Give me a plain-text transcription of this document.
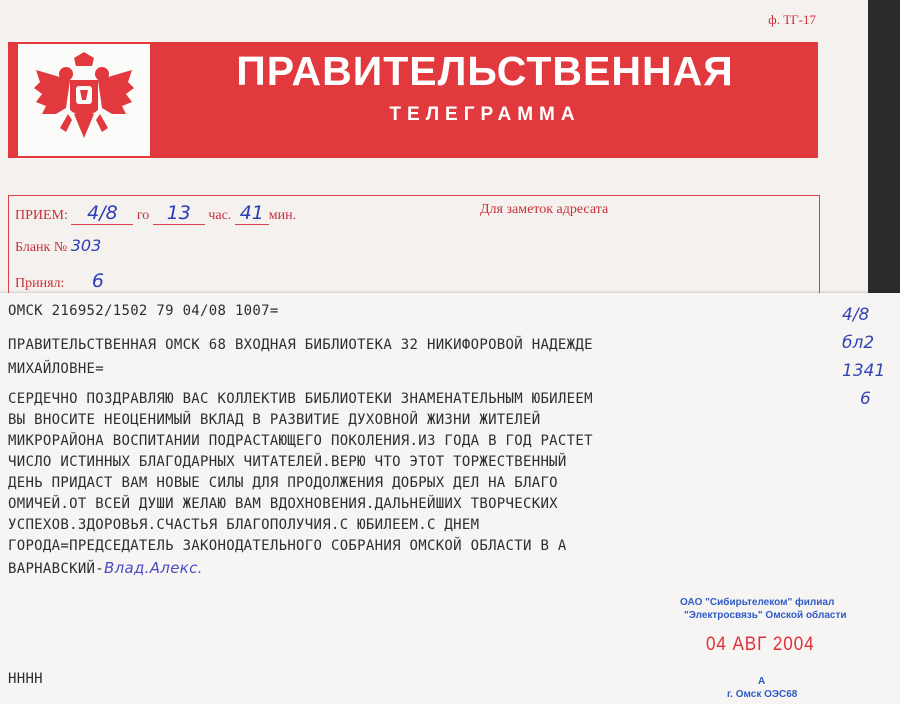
ф. ТГ-17
ПРАВИТЕЛЬСТВЕННАЯ
ТЕЛЕГРАММА
ПРИЕМ: 4/8 го 13 час. 41 мин.
Бланк № 303
Принял: 6
Для заметок адресата
ОМСК 216952/1502 79 04/08 1007=
ПРАВИТЕЛЬСТВЕННАЯ ОМСК 68 ВХОДНАЯ БИБЛИОТЕКА 32 НИКИФОРОВОЙ НАДЕЖДЕ
МИХАЙЛОВНЕ=
СЕРДЕЧНО ПОЗДРАВЛЯЮ ВАС КОЛЛЕКТИВ БИБЛИОТЕКИ ЗНАМЕНАТЕЛЬНЫМ ЮБИЛЕЕМ
ВЫ ВНОСИТЕ НЕОЦЕНИМЫЙ ВКЛАД В РАЗВИТИЕ ДУХОВНОЙ ЖИЗНИ ЖИТЕЛЕЙ
МИКРОРАЙОНА ВОСПИТАНИИ ПОДРАСТАЮЩЕГО ПОКОЛЕНИЯ.ИЗ ГОДА В ГОД РАСТЕТ
ЧИСЛО ИСТИННЫХ БЛАГОДАРНЫХ ЧИТАТЕЛЕЙ.ВЕРЮ ЧТО ЭТОТ ТОРЖЕСТВЕННЫЙ
ДЕНЬ ПРИДАСТ ВАМ НОВЫЕ СИЛЫ ДЛЯ ПРОДОЛЖЕНИЯ ДОБРЫХ ДЕЛ НА БЛАГО
ОМИЧЕЙ.ОТ ВСЕЙ ДУШИ ЖЕЛАЮ ВАМ ВДОХНОВЕНИЯ.ДАЛЬНЕЙШИХ ТВОРЧЕСКИХ
УСПЕХОВ.ЗДОРОВЬЯ.СЧАСТЬЯ БЛАГОПОЛУЧИЯ.С ЮБИЛЕЕМ.С ДНЕМ
ГОРОДА=ПРЕДСЕДАТЕЛЬ ЗАКОНОДАТЕЛЬНОГО СОБРАНИЯ ОМСКОЙ ОБЛАСТИ В А
ВАРНАВСКИЙ-Влад.Алекс.
НННН
ОАО "Сибирьтелеком" филиал
"Электросвязь" Омской области
А
г. Омск ОЭС68
04 АВГ 2004
4/8
бл2
1341
6
